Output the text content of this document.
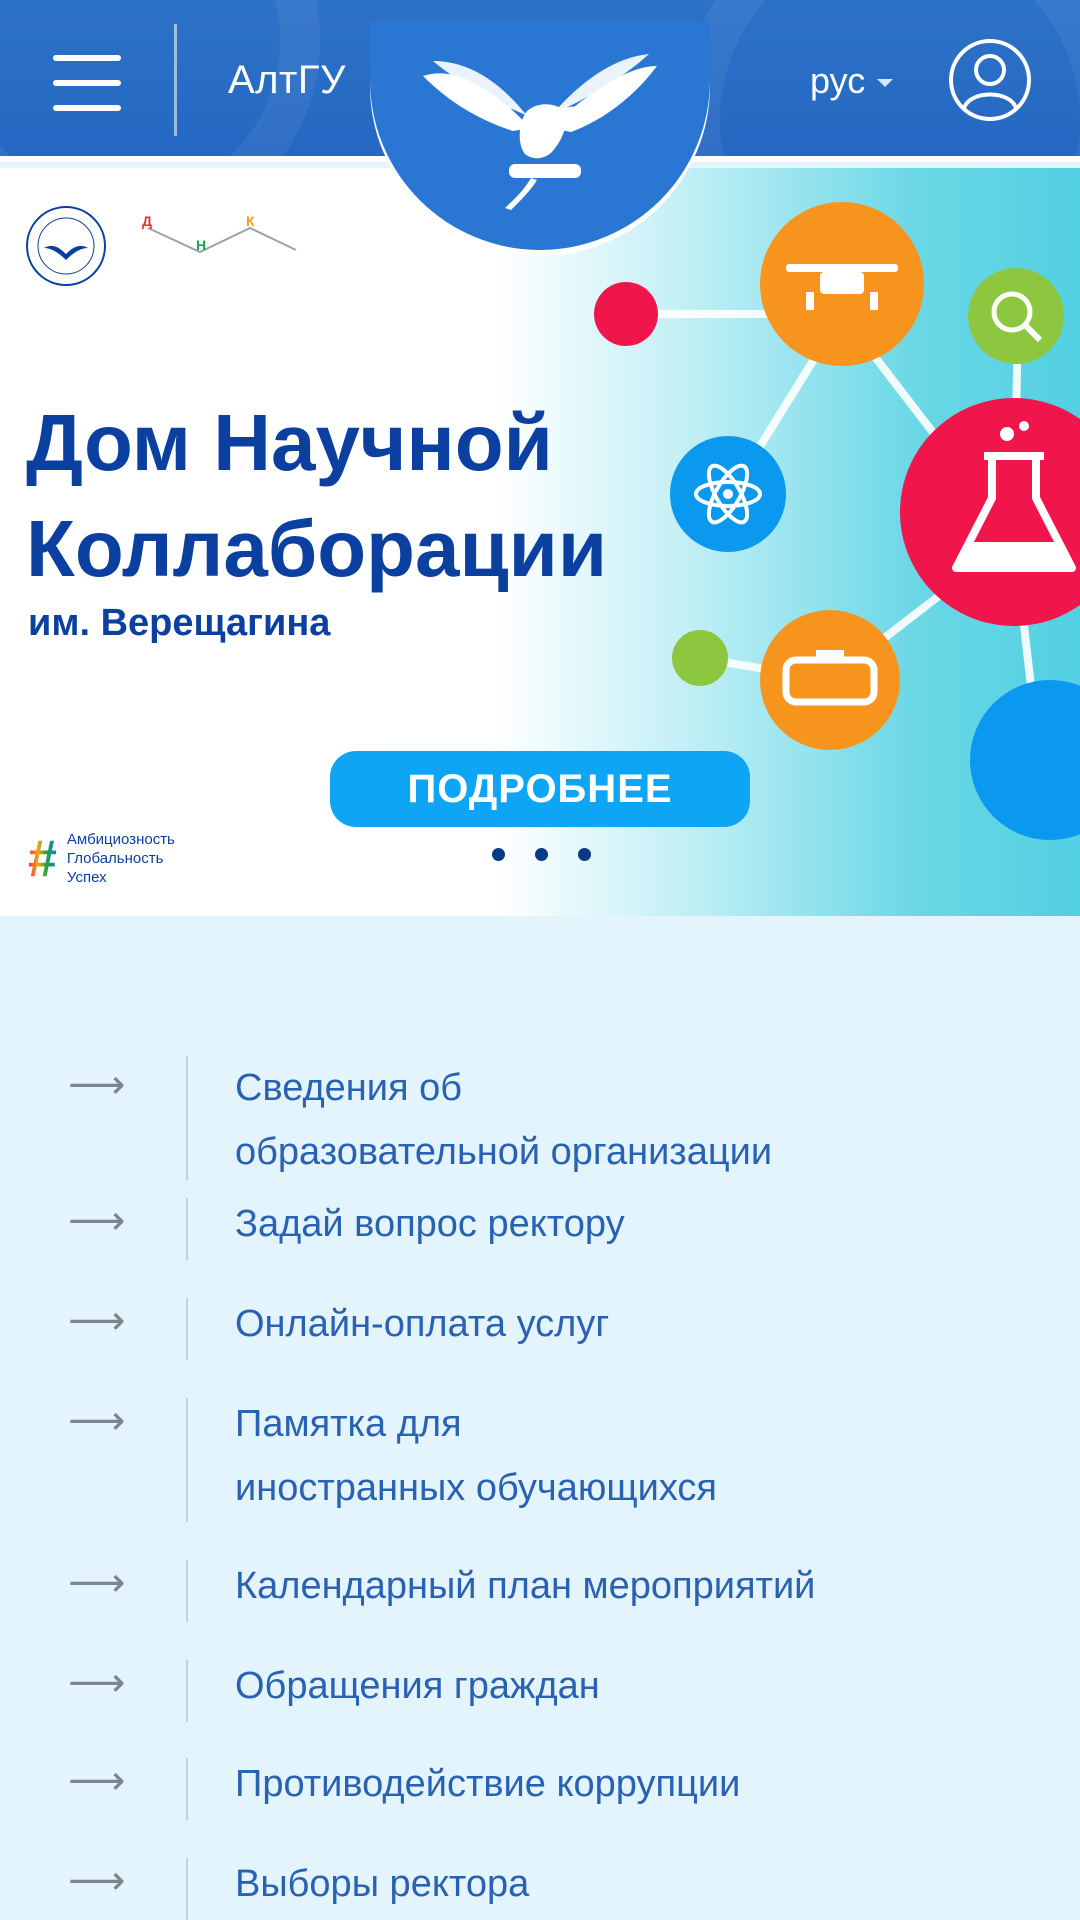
АлтГУ	рус
Д
Н
К
Дом Научной
Коллаборации
им. Верещагина
ПОДРОБНЕЕ
# Амбициозность
Глобальность
Успех
⟶	Сведения об
образовательной организации
⟶	Задай вопрос ректору
⟶	Онлайн-оплата услуг
⟶	Памятка для
иностранных обучающихся
⟶	Календарный план мероприятий
⟶	Обращения граждан
⟶	Противодействие коррупции
⟶	Выборы ректора
